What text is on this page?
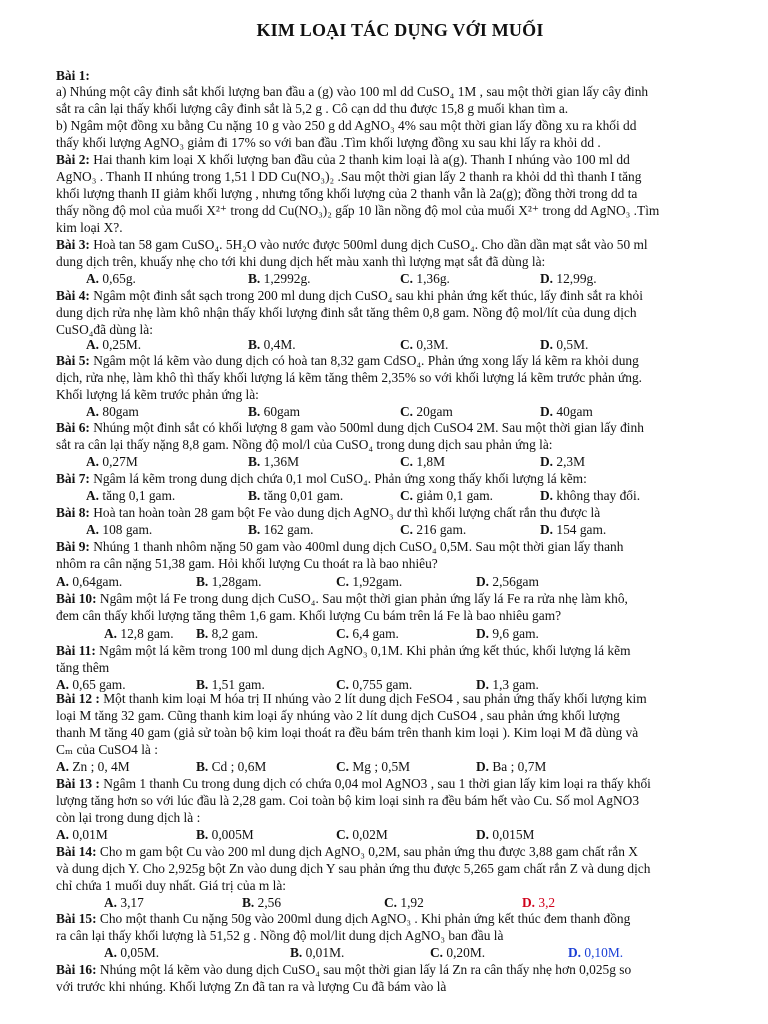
KIM LOẠI TÁC DỤNG VỚI MUỐI
Bài 1:
a) Nhúng một cây đinh sắt khối lượng ban đầu a (g) vào 100 ml dd CuSO₄ 1M , sau một thời gian lấy cây đinh
sắt ra cân lại thấy khối lượng cây đinh sắt là 5,2 g . Cô cạn dd thu được 15,8 g muối khan tìm a.
b) Ngâm một đồng xu bằng Cu nặng 10 g vào 250 g dd AgNO₃ 4% sau một thời gian lấy đồng xu ra khối dd
thấy khối lượng AgNO₃ giảm đi 17% so với ban đầu .Tìm khối lượng đồng xu sau khi lấy ra khỏi dd .
Bài 2: Hai thanh kim loại X khối lượng ban đầu của 2 thanh kim loại là a(g). Thanh I nhúng vào 100 ml dd
AgNO₃ . Thanh II nhúng trong 1,51 l DD Cu(NO₃)₂ .Sau một thời gian lấy 2 thanh ra khỏi dd thì thanh I tăng
khối lượng thanh II giảm khối lượng , nhưng tổng khối lượng của 2 thanh vẫn là 2a(g); đồng thời trong dd ta
thấy nồng độ mol của muối X²⁺ trong dd Cu(NO₃)₂ gấp 10 lần nồng độ mol của muối X²⁺ trong dd AgNO₃ .Tìm
kim loại X?.
Bài 3: Hoà tan 58 gam CuSO₄. 5H₂O vào nước được 500ml dung dịch CuSO₄. Cho dần dần mạt sắt vào 50 ml
dung dịch trên, khuấy nhẹ cho tới khi dung dịch hết màu xanh thì lượng mạt sắt đã dùng là:
Bài 4: Ngâm một đinh sắt sạch trong 200 ml dung dịch CuSO₄ sau khi phản ứng kết thúc, lấy đinh sắt ra khỏi
dung dịch rửa nhẹ làm khô nhận thấy khối lượng đinh sắt tăng thêm 0,8 gam. Nồng độ mol/lít của dung dịch
CuSO₄đã dùng là:
Bài 5: Ngâm một lá kẽm vào dung dịch có hoà tan 8,32 gam CdSO₄. Phản ứng xong lấy lá kẽm ra khỏi dung
dịch, rửa nhẹ, làm khô thì thấy khối lượng lá kẽm tăng thêm 2,35% so với khối lượng lá kẽm trước phản ứng.
Khối lượng lá kẽm trước phản ứng là:
Bài 6: Nhúng một đinh sắt có khối lượng 8 gam vào 500ml dung dịch CuSO4 2M. Sau một thời gian lấy đinh
sắt ra cân lại thấy nặng 8,8 gam. Nồng độ mol/l của CuSO₄ trong dung dịch sau phản ứng là:
Bài 7: Ngâm lá kẽm trong dung dịch chứa 0,1 mol CuSO₄. Phản ứng xong thấy khối lượng lá kẽm:
Bài 8: Hoà tan hoàn toàn 28 gam bột Fe vào dung dịch AgNO₃ dư thì khối lượng chất rắn thu được là
Bài 9: Nhúng 1 thanh nhôm nặng 50 gam vào 400ml dung dịch CuSO₄ 0,5M. Sau một thời gian lấy thanh
nhôm ra cân nặng 51,38 gam. Hỏi khối lượng Cu thoát ra là bao nhiêu?
Bài 10: Ngâm một lá Fe trong dung dịch CuSO₄. Sau một thời gian phản ứng lấy lá Fe ra rửa nhẹ làm khô,
đem cân thấy khối lượng tăng thêm 1,6 gam. Khối lượng Cu bám trên lá Fe là bao nhiêu gam?
Bài 11: Ngâm một lá kẽm trong 100 ml dung dịch AgNO₃ 0,1M. Khi phản ứng kết thúc, khối lượng lá kẽm
tăng thêm
Bài 12 : Một thanh kim loại M hóa trị II nhúng vào 2 lít dung dịch FeSO4 , sau phản ứng thấy khối lượng kim
loại M tăng 32 gam. Cũng thanh kim loại ấy nhúng vào 2 lít dung dịch CuSO4 , sau phản ứng khối lượng
thanh M tăng 40 gam (giả sử toàn bộ kim loại thoát ra đều bám trên thanh kim loại ). Kim loại M đã dùng và
Cₘ của CuSO4 là :
Bài 13 : Ngâm 1 thanh Cu trong dung dịch có chứa 0,04 mol AgNO3 , sau 1 thời gian lấy kim loại ra thấy khối
lượng tăng hơn so với lúc đầu là 2,28 gam. Coi toàn bộ kim loại sinh ra đều bám hết vào Cu. Số mol AgNO3
còn lại trong dung dịch là :
Bài 14: Cho m gam bột Cu vào 200 ml dung dịch AgNO₃ 0,2M, sau phản ứng thu được 3,88 gam chất rắn X
và dung dịch Y. Cho 2,925g bột Zn vào dung dịch Y sau phản ứng thu được 5,265 gam chất rắn Z và dung dịch
chỉ chứa 1 muối duy nhất. Giá trị của m là:
Bài 15: Cho một thanh Cu nặng 50g vào 200ml dung dịch AgNO₃ . Khi phản ứng kết thúc đem thanh đồng
ra cân lại thấy khối lượng là 51,52 g . Nồng độ mol/lit dung dịch AgNO₃ ban đầu là
Bài 16: Nhúng một lá kẽm vào dung dịch CuSO₄ sau một thời gian lấy lá Zn ra cân thấy nhẹ hơn 0,025g so
với trước khi nhúng. Khối lượng Zn đã tan ra và lượng Cu đã bám vào là
A. 0,65g.	B. 1,2992g.	C. 1,36g.	D. 12,99g.
A. 0,25M.	B. 0,4M.	C. 0,3M.	D. 0,5M.
A. 80gam	B. 60gam	C. 20gam	D. 40gam
A. 0,27M	B. 1,36M	C. 1,8M	D. 2,3M
A. tăng 0,1 gam.	B. tăng 0,01 gam.	C. giảm 0,1 gam.	D. không thay đổi.
A. 108 gam.	B. 162 gam.	C. 216 gam.	D. 154 gam.
A. 0,64gam.	B. 1,28gam.	C. 1,92gam.	D. 2,56gam
A. 12,8 gam. B. 8,2 gam.	C. 6,4 gam.	D. 9,6 gam.
A. 0,65 gam.	B. 1,51 gam.	C. 0,755 gam.	D. 1,3 gam.
A. Zn ; 0, 4M	B. Cd ; 0,6M	C. Mg ; 0,5M	D. Ba ; 0,7M
A. 0,01M	B. 0,005M	C. 0,02M	D. 0,015M
A. 3,17	B. 2,56	C. 1,92	D. 3,2
A. 0,05M.	B. 0,01M.	C. 0,20M.	D. 0,10M.
